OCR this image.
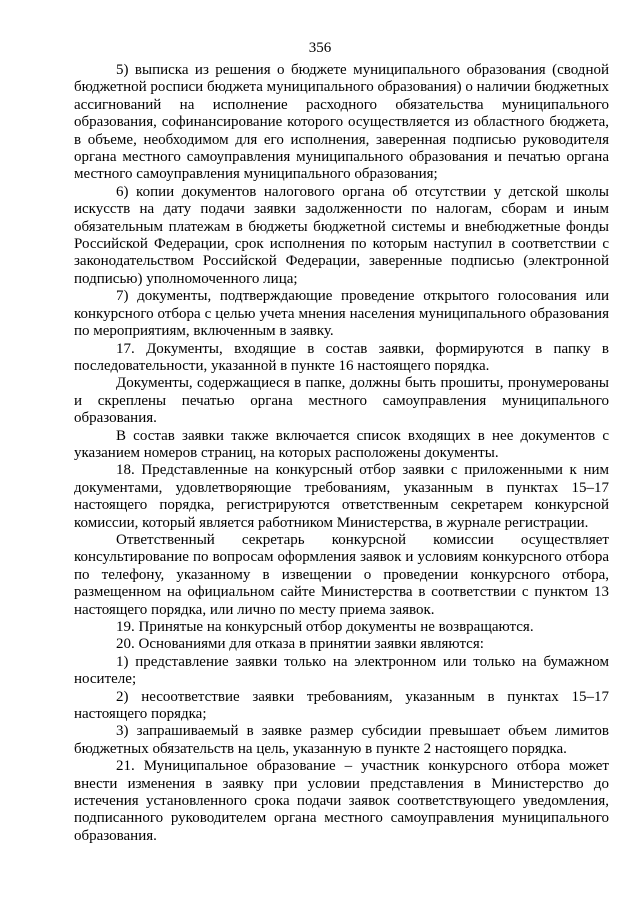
356

5) выписка из решения о бюджете муниципального образования (сводной бюджетной росписи бюджета муниципального образования) о наличии бюджетных ассигнований на исполнение расходного обязательства муниципального образования, софинансирование которого осуществляется из областного бюджета, в объеме, необходимом для его исполнения, заверенная подписью руководителя органа местного самоуправления муниципального образования и печатью органа местного самоуправления муниципального образования;

6) копии документов налогового органа об отсутствии у детской школы искусств на дату подачи заявки задолженности по налогам, сборам и иным обязательным платежам в бюджеты бюджетной системы и внебюджетные фонды Российской Федерации, срок исполнения по которым наступил в соответствии с законодательством Российской Федерации, заверенные подписью (электронной подписью) уполномоченного лица;

7) документы, подтверждающие проведение открытого голосования или конкурсного отбора с целью учета мнения населения муниципального образования по мероприятиям, включенным в заявку.

17. Документы, входящие в состав заявки, формируются в папку в последовательности, указанной в пункте 16 настоящего порядка.

Документы, содержащиеся в папке, должны быть прошиты, пронумерованы и скреплены печатью органа местного самоуправления муниципального образования.

В состав заявки также включается список входящих в нее документов с указанием номеров страниц, на которых расположены документы.

18. Представленные на конкурсный отбор заявки с приложенными к ним документами, удовлетворяющие требованиям, указанным в пунктах 15–17 настоящего порядка, регистрируются ответственным секретарем конкурсной комиссии, который является работником Министерства, в журнале регистрации.

Ответственный секретарь конкурсной комиссии осуществляет консультирование по вопросам оформления заявок и условиям конкурсного отбора по телефону, указанному в извещении о проведении конкурсного отбора, размещенном на официальном сайте Министерства в соответствии с пунктом 13 настоящего порядка, или лично по месту приема заявок.

19. Принятые на конкурсный отбор документы не возвращаются.

20. Основаниями для отказа в принятии заявки являются:

1) представление заявки только на электронном или только на бумажном носителе;

2) несоответствие заявки требованиям, указанным в пунктах 15–17 настоящего порядка;

3) запрашиваемый в заявке размер субсидии превышает объем лимитов бюджетных обязательств на цель, указанную в пункте 2 настоящего порядка.

21. Муниципальное образование – участник конкурсного отбора может внести изменения в заявку при условии представления в Министерство до истечения установленного срока подачи заявок соответствующего уведомления, подписанного руководителем органа местного самоуправления муниципального образования.
